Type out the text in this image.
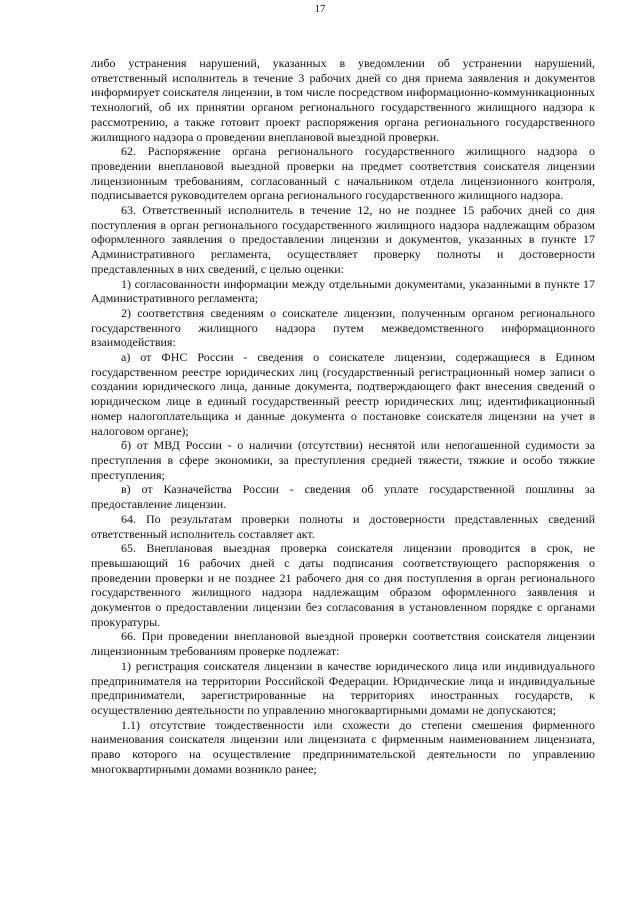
17

либо устранения нарушений, указанных в уведомлении об устранении нарушений, ответственный исполнитель в течение 3 рабочих дней со дня приема заявления и документов информирует соискателя лицензии, в том числе посредством информационно-коммуникационных технологий, об их принятии органом регионального государственного жилищного надзора к рассмотрению, а также готовит проект распоряжения органа регионального государственного жилищного надзора о проведении внеплановой выездной проверки.

62. Распоряжение органа регионального государственного жилищного надзора о проведении внеплановой выездной проверки на предмет соответствия соискателя лицензии лицензионным требованиям, согласованный с начальником отдела лицензионного контроля, подписывается руководителем органа регионального государственного жилищного надзора.

63. Ответственный исполнитель в течение 12, но не позднее 15 рабочих дней со дня поступления в орган регионального государственного жилищного надзора надлежащим образом оформленного заявления о предоставлении лицензии и документов, указанных в пункте 17 Административного регламента, осуществляет проверку полноты и достоверности представленных в них сведений, с целью оценки:

1) согласованности информации между отдельными документами, указанными в пункте 17 Административного регламента;

2) соответствия сведениям о соискателе лицензии, полученным органом регионального государственного жилищного надзора путем межведомственного информационного взаимодействия:

а) от ФНС России - сведения о соискателе лицензии, содержащиеся в Едином государственном реестре юридических лиц (государственный регистрационный номер записи о создании юридического лица, данные документа, подтверждающего факт внесения сведений о юридическом лице в единый государственный реестр юридических лиц; идентификационный номер налогоплательщика и данные документа о постановке соискателя лицензии на учет в налоговом органе);

б) от МВД России - о наличии (отсутствии) неснятой или непогашенной судимости за преступления в сфере экономики, за преступления средней тяжести, тяжкие и особо тяжкие преступления;

в) от Казначейства России - сведения об уплате государственной пошлины за предоставление лицензии.

64. По результатам проверки полноты и достоверности представленных сведений ответственный исполнитель составляет акт.

65. Внеплановая выездная проверка соискателя лицензии проводится в срок, не превышающий 16 рабочих дней с даты подписания соответствующего распоряжения о проведении проверки и не позднее 21 рабочего дня со дня поступления в орган регионального государственного жилищного надзора надлежащим образом оформленного заявления и документов о предоставлении лицензии без согласования в установленном порядке с органами прокуратуры.

66. При проведении внеплановой выездной проверки соответствия соискателя лицензии лицензионным требованиям проверке подлежат:

1) регистрация соискателя лицензии в качестве юридического лица или индивидуального предпринимателя на территории Российской Федерации. Юридические лица и индивидуальные предприниматели, зарегистрированные на территориях иностранных государств, к осуществлению деятельности по управлению многоквартирными домами не допускаются;

1.1) отсутствие тождественности или схожести до степени смешения фирменного наименования соискателя лицензии или лицензиата с фирменным наименованием лицензиата, право которого на осуществление предпринимательской деятельности по управлению многоквартирными домами возникло ранее;
